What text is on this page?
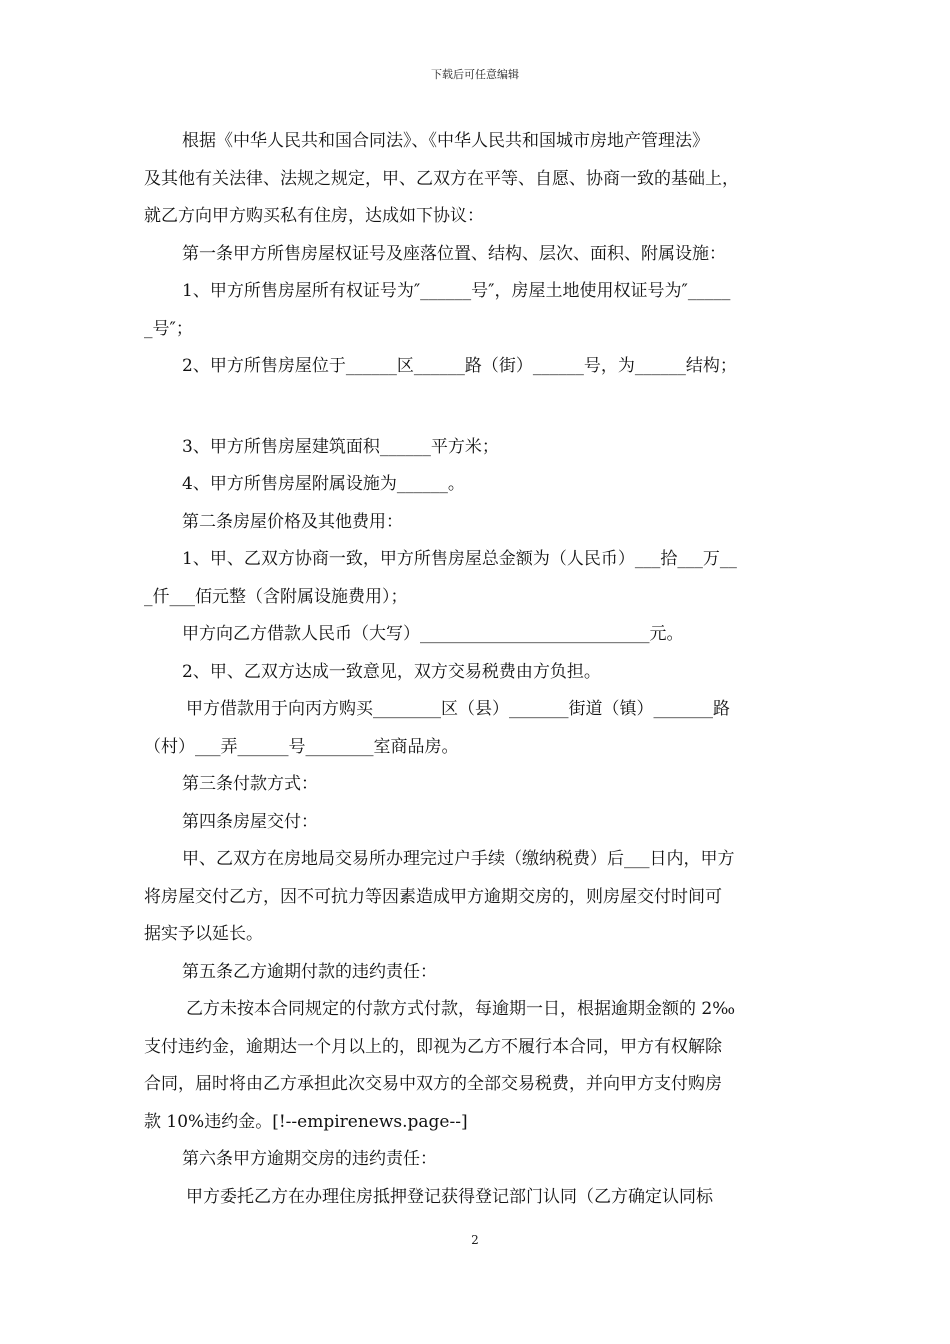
下载后可任意编辑
根据《中华人民共和国合同法》、《中华人民共和国城市房地产管理法》
及其他有关法律、法规之规定，甲、乙双方在平等、自愿、协商一致的基础上，
就乙方向甲方购买私有住房，达成如下协议：
第一条甲方所售房屋权证号及座落位置、结构、层次、面积、附属设施：
1、甲方所售房屋所有权证号为″______号″，房屋土地使用权证号为″_____
_号″；
2、甲方所售房屋位于______区______路（街）______号，为______结构；
3、甲方所售房屋建筑面积______平方米；
4、甲方所售房屋附属设施为______。
第二条房屋价格及其他费用：
1、甲、乙双方协商一致，甲方所售房屋总金额为（人民币）___拾___万__
_仟___佰元整（含附属设施费用）；
甲方向乙方借款人民币（大写）___________________________元。
2、甲、乙双方达成一致意见，双方交易税费由方负担。
甲方借款用于向丙方购买________区（县）_______街道（镇）_______路
（村）___弄______号________室商品房。
第三条付款方式：
第四条房屋交付：
甲、乙双方在房地局交易所办理完过户手续（缴纳税费）后___日内，甲方
将房屋交付乙方，因不可抗力等因素造成甲方逾期交房的，则房屋交付时间可
据实予以延长。
第五条乙方逾期付款的违约责任：
乙方未按本合同规定的付款方式付款，每逾期一日，根据逾期金额的 2‰
支付违约金，逾期达一个月以上的，即视为乙方不履行本合同，甲方有权解除
合同，届时将由乙方承担此次交易中双方的全部交易税费，并向甲方支付购房
款 10%违约金。[!--empirenews.page--]
第六条甲方逾期交房的违约责任：
甲方委托乙方在办理住房抵押登记获得登记部门认同（乙方确定认同标
2
